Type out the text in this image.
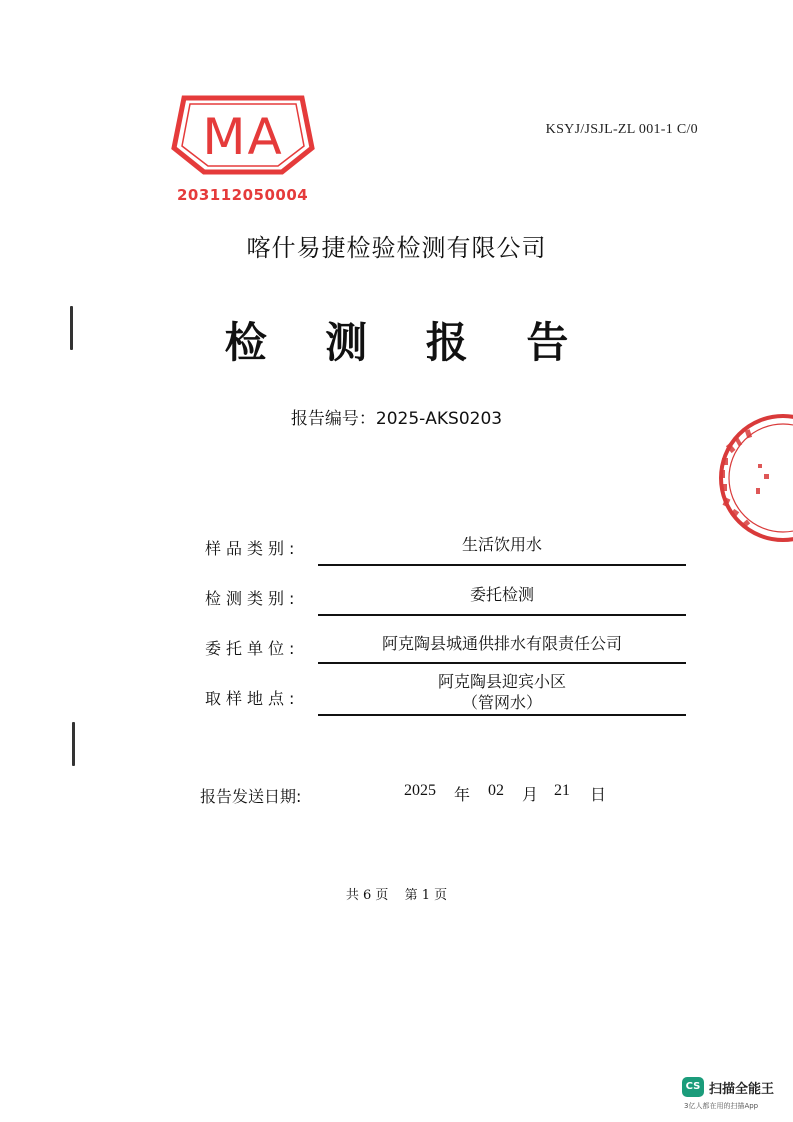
MA
203112050004
KSYJ/JSJL-ZL 001-1 C/0
喀什易捷检验检测有限公司
检 测 报 告
报告编号：2025-AKS0203
样品类别:	生活饮用水
检测类别:	委托检测
委托单位:	阿克陶县城通供排水有限责任公司
取样地点:
阿克陶县迎宾小区
（管网水）
报告发送日期:	2025 年 02 月 21 日
共 6 页 第 1 页
CS 扫描全能王
3亿人都在用的扫描App
